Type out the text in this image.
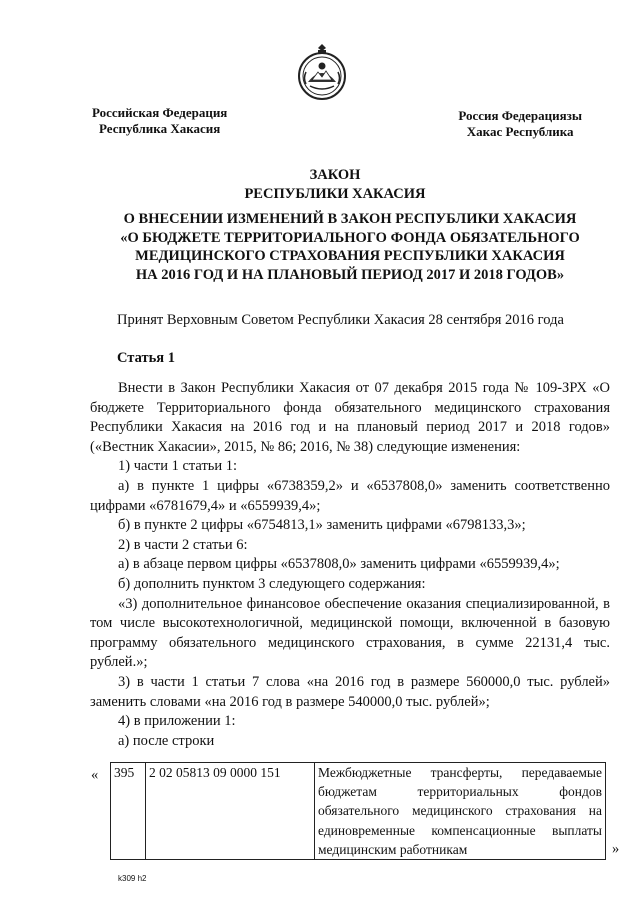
Российская Федерация
Республика Хакасия
Россия Федерациязы
Хакас Республика
ЗАКОН
РЕСПУБЛИКИ ХАКАСИЯ
О ВНЕСЕНИИ ИЗМЕНЕНИЙ В ЗАКОН РЕСПУБЛИКИ ХАКАСИЯ
«О БЮДЖЕТЕ ТЕРРИТОРИАЛЬНОГО ФОНДА ОБЯЗАТЕЛЬНОГО
МЕДИЦИНСКОГО СТРАХОВАНИЯ РЕСПУБЛИКИ ХАКАСИЯ
НА 2016 ГОД И НА ПЛАНОВЫЙ ПЕРИОД 2017 И 2018 ГОДОВ»
Принят Верховным Советом Республики Хакасия 28 сентября 2016 года
Статья 1

Внести в Закон Республики Хакасия от 07 декабря 2015 года № 109-ЗРХ «О бюджете Территориального фонда обязательного медицинского страхования Республики Хакасия на 2016 год и на плановый период 2017 и 2018 годов» («Вестник Хакасии», 2015, № 86; 2016, № 38) следующие изменения:

1) части 1 статьи 1:

а) в пункте 1 цифры «6738359,2» и «6537808,0» заменить соответственно цифрами «6781679,4» и «6559939,4»;

б) в пункте 2 цифры «6754813,1» заменить цифрами «6798133,3»;

2) в части 2 статьи 6:

а) в абзаце первом цифры «6537808,0» заменить цифрами «6559939,4»;

б) дополнить пунктом 3 следующего содержания:

«3) дополнительное финансовое обеспечение оказания специализированной, в том числе высокотехнологичной, медицинской помощи, включенной в базовую программу обязательного медицинского страхования, в сумме 22131,4 тыс. рублей.»;

3) в части 1 статьи 7 слова «на 2016 год в размере 560000,0 тыс. рублей» заменить словами «на 2016 год в размере 540000,0 тыс. рублей»;

4) в приложении 1:

а) после строки

« 395	2 02 05813 09 0000 151	Межбюджетные трансферты, передаваемые бюджетам территориальных фондов обязательного медицинского страхования на единовременные компенсационные выплаты медицинским работникам	»
k309 h2
